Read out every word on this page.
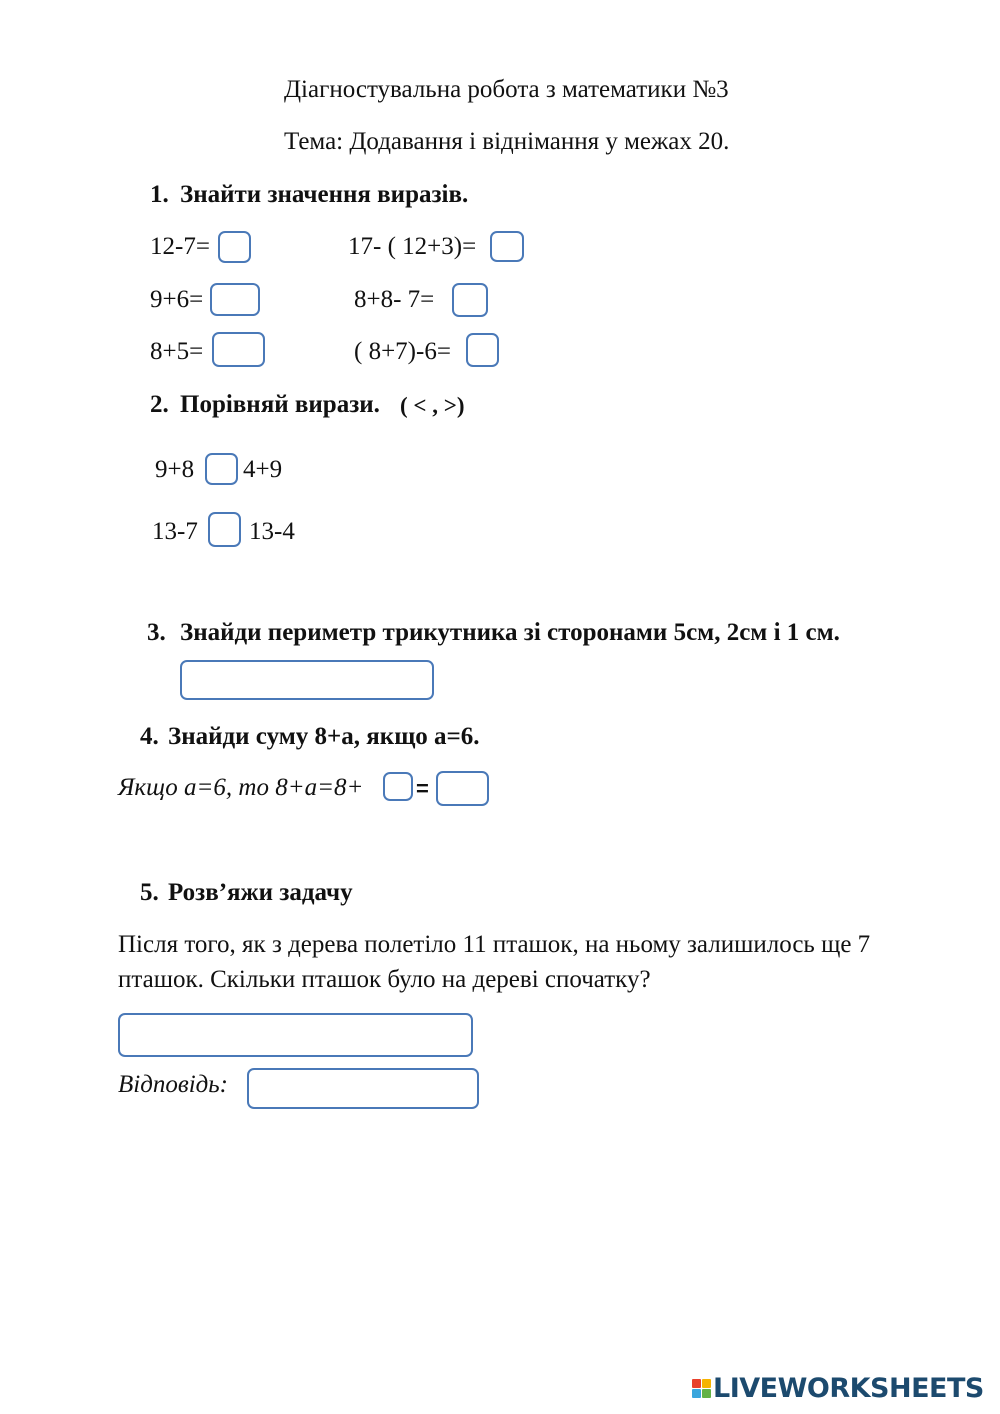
Діагностувальна робота з математики №3
Тема: Додавання і віднімання у межах 20.
1. Знайти значення виразів.
12-7=	17- ( 12+3)=
9+6=	8+8- 7=
8+5=	( 8+7)-6=
2. Порівняй вирази. ( < , >)
9+8 4+9
13-7 13-4
3. Знайди периметр трикутника зі сторонами 5см, 2см і 1 см.
4. Знайди суму 8+а, якщо а=6.
Якщо а=6, то 8+а=8+ =
5. Розв’яжи задачу
Після того, як з дерева полетіло 11 пташок, на ньому залишилось ще 7 пташок. Скільки пташок було на дереві спочатку?
Відповідь:
LIVEWORKSHEETS
